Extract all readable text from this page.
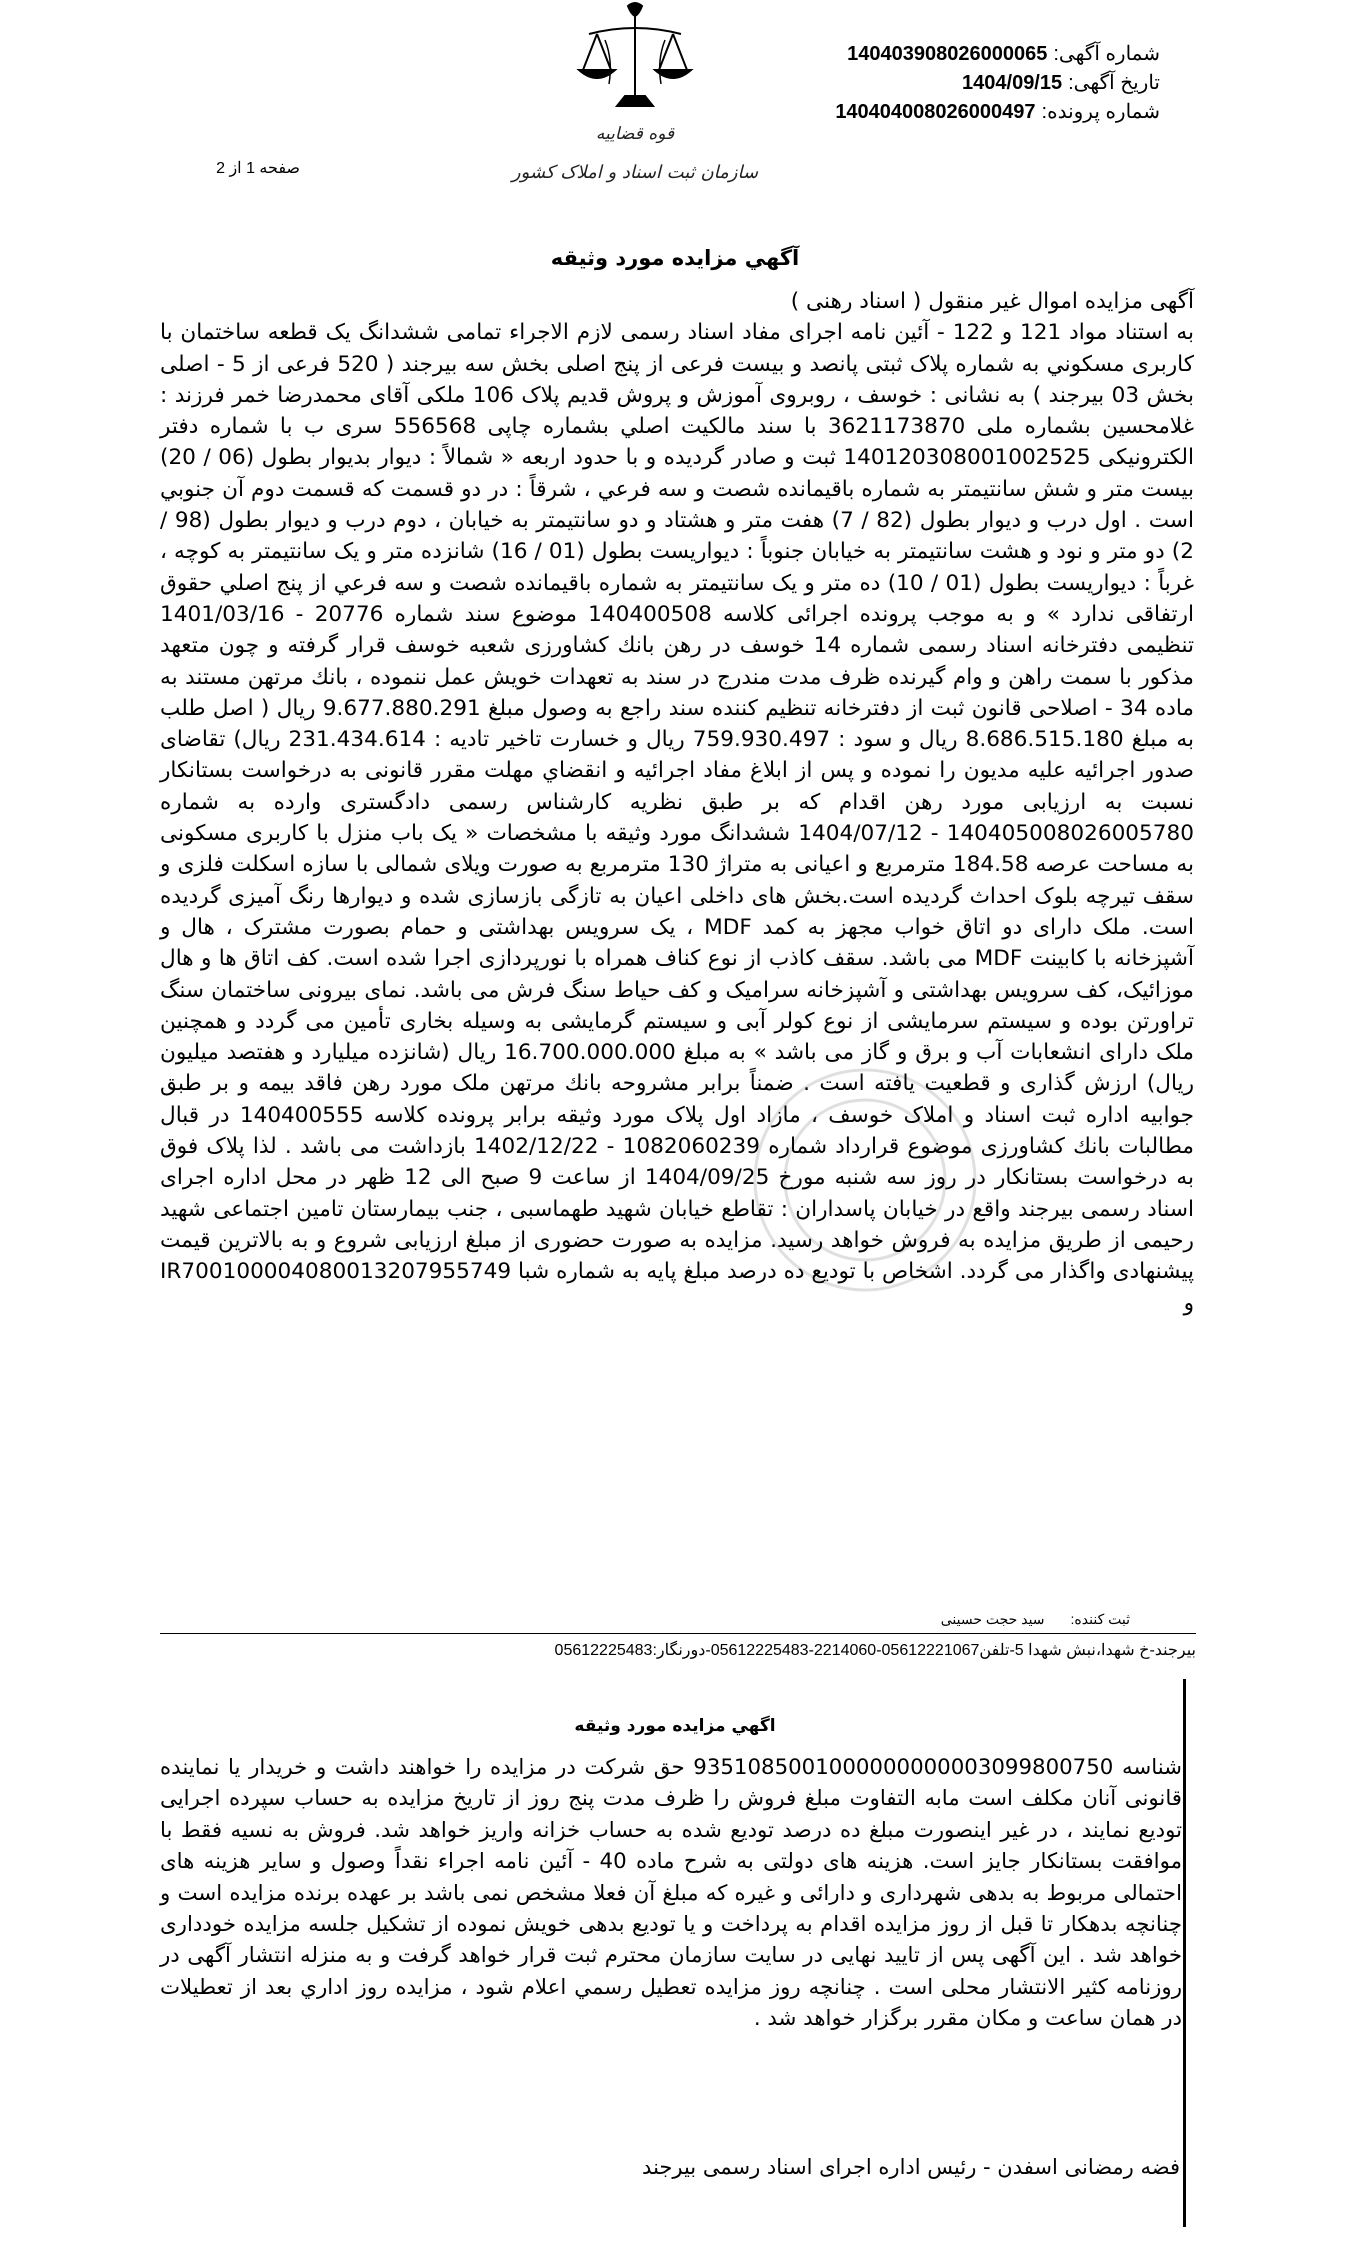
قوه قضاییه
سازمان ثبت اسناد و املاک کشور
شماره آگهی:140403908026000065
تاریخ آگهی:1404/09/15
شماره پرونده:140404008026000497
صفحه 1 از 2
آگهي مزايده مورد وثيقه

آگهی مزایده اموال غیر منقول ( اسناد رهنی )

به استناد مواد 121 و 122 - آئین نامه اجرای مفاد اسناد رسمی لازم الاجراء تمامی ششدانگ یک قطعه ساختمان با کاربری مسکوني به شماره پلاک ثبتی پانصد و بیست فرعی از پنج اصلی بخش سه بیرجند ( 520 فرعی از 5 - اصلی بخش 03 بیرجند ) به نشانی : خوسف ، روبروی آموزش و پروش قدیم پلاک 106 ملکی آقای محمدرضا خمر فرزند : غلامحسین بشماره ملی 3621173870 با سند مالکیت اصلي بشماره چاپی 556568 سری ب با شماره دفتر الکترونیکی 140120308001002525 ثبت و صادر گردیده و با حدود اربعه « شمالاً : دیوار بدیوار بطول (06 / 20) بیست متر و شش سانتیمتر به شماره باقیمانده شصت و سه فرعي ، شرقاً : در دو قسمت که قسمت دوم آن جنوبي است . اول درب و دیوار بطول (82 / 7) هفت متر و هشتاد و دو سانتیمتر به خیابان ، دوم درب و دیوار بطول (98 / 2) دو متر و نود و هشت سانتیمتر به خیابان جنوباً : دیواریست بطول (01 / 16) شانزده متر و یک سانتیمتر به کوچه ، غرباً : دیواریست بطول (01 / 10) ده متر و یک سانتیمتر به شماره باقیمانده شصت و سه فرعي از پنج اصلي حقوق ارتفاقی ندارد » و به موجب پرونده اجرائی کلاسه 140400508 موضوع سند شماره 20776 - 1401/03/16 تنظیمی دفترخانه اسناد رسمی شماره 14 خوسف در رهن بانك کشاورزی شعبه خوسف قرار گرفته و چون متعهد مذکور با سمت راهن و وام گیرنده ظرف مدت مندرج در سند به تعهدات خویش عمل ننموده ، بانك مرتهن مستند به ماده 34 - اصلاحی قانون ثبت از دفترخانه تنظیم کننده سند راجع به وصول مبلغ 9.677.880.291 ریال ( اصل طلب به مبلغ 8.686.515.180 ریال و سود : 759.930.497 ریال و خسارت تاخیر تادیه : 231.434.614 ریال) تقاضای صدور اجرائیه علیه مدیون را نموده و پس از ابلاغ مفاد اجرائیه و انقضاي مهلت مقرر قانونی به درخواست بستانکار نسبت به ارزیابی مورد رهن اقدام که بر طبق نظریه کارشناس رسمی دادگستری وارده به شماره 140405008026005780 - 1404/07/12 ششدانگ مورد وثیقه با مشخصات « یک باب منزل با کاربری مسکونی به مساحت عرصه 184.58 مترمربع و اعیانی به متراژ 130 مترمربع به صورت ویلای شمالی با سازه اسکلت فلزی و سقف تیرچه بلوک احداث گردیده است.بخش های داخلی اعیان به تازگی بازسازی شده و دیوارها رنگ آمیزی گردیده است. ملک دارای دو اتاق خواب مجهز به کمد MDF ، یک سرویس بهداشتی و حمام بصورت مشترک ، هال و آشپزخانه با کابینت MDF می باشد. سقف کاذب از نوع کناف همراه با نورپردازی اجرا شده است. کف اتاق ها و هال موزائیک، کف سرویس بهداشتی و آشپزخانه سرامیک و کف حیاط سنگ فرش می باشد. نمای بیرونی ساختمان سنگ تراورتن بوده و سیستم سرمایشی از نوع کولر آبی و سیستم گرمایشی به وسیله بخاری تأمین می گردد و همچنین ملک دارای انشعابات آب و برق و گاز می باشد » به مبلغ 16.700.000.000 ریال (شانزده میلیارد و هفتصد میلیون ریال) ارزش گذاری و قطعیت یافته است . ضمناً برابر مشروحه بانك مرتهن ملک مورد رهن فاقد بیمه و بر طبق جوابیه اداره ثبت اسناد و املاک خوسف ، مازاد اول پلاک مورد وثیقه برابر پرونده کلاسه 140400555 در قبال مطالبات بانك کشاورزی موضوع قرارداد شماره 1082060239 - 1402/12/22 بازداشت می باشد . لذا پلاک فوق به درخواست بستانکار در روز سه شنبه مورخ 1404/09/25 از ساعت 9 صبح الی 12 ظهر در محل اداره اجرای اسناد رسمی بیرجند واقع در خیابان پاسداران : تقاطع خیابان شهید طهماسبی ، جنب بیمارستان تامین اجتماعی شهید رحیمی از طریق مزایده به فروش خواهد رسید. مزایده به صورت حضوری از مبلغ ارزیابی شروع و به بالاترین قیمت پیشنهادی واگذار می گردد. اشخاص با تودیع ده درصد مبلغ پایه به شماره شبا IR700100004080013207955749 و

ثبت کننده:سید حجت حسینی
بیرجند-خ شهدا،نبش شهدا 5-تلفن05612221067-2214060-05612225483-دورنگار:05612225483
اگهي مزايده مورد وثيقه

شناسه 9351085001000000000003099800750 حق شرکت در مزایده را خواهند داشت و خریدار یا نماینده قانونی آنان مکلف است مابه التفاوت مبلغ فروش را ظرف مدت پنج روز از تاریخ مزایده به حساب سپرده اجرایی تودیع نمایند ، در غیر اینصورت مبلغ ده درصد تودیع شده به حساب خزانه واریز خواهد شد. فروش به نسیه فقط با موافقت بستانکار جایز است. هزینه های دولتی به شرح ماده 40 - آئین نامه اجراء نقداً وصول و سایر هزینه های احتمالی مربوط به بدهی شهرداری و دارائی و غیره که مبلغ آن فعلا مشخص نمی باشد بر عهده برنده مزایده است و چنانچه بدهکار تا قبل از روز مزایده اقدام به پرداخت و یا تودیع بدهی خویش نموده از تشکیل جلسه مزایده خودداری خواهد شد . این آگهی پس از تایید نهایی در سایت سازمان محترم ثبت قرار خواهد گرفت و به منزله انتشار آگهی در روزنامه کثیر الانتشار محلی است . چنانچه روز مزایده تعطیل رسمي اعلام شود ، مزایده روز اداري بعد از تعطیلات در همان ساعت و مکان مقرر برگزار خواهد شد .

فضه رمضانی اسفدن - رئیس اداره اجرای اسناد رسمی بیرجند
